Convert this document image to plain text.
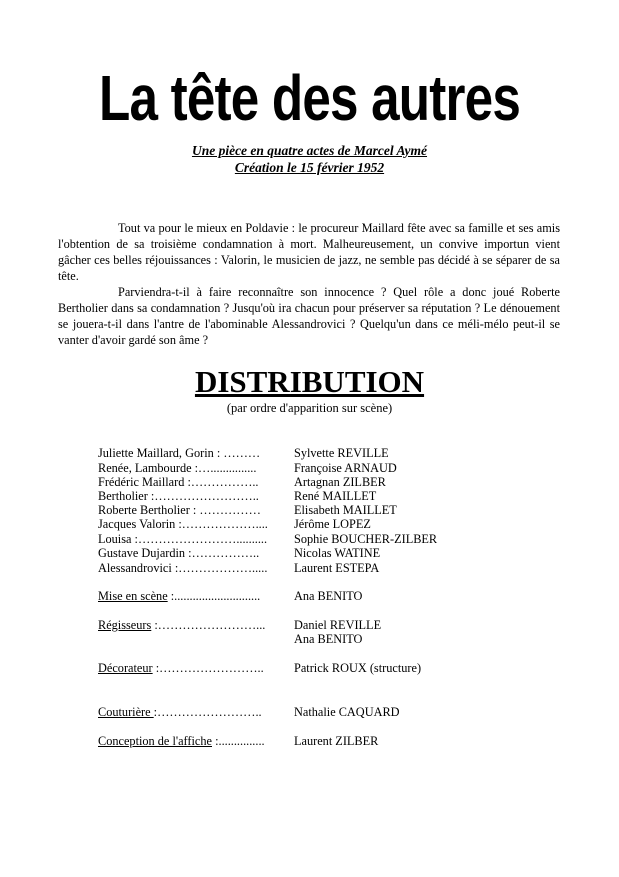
La tête des autres
Une pièce en quatre actes de Marcel Aymé
Création le 15 février 1952

Tout va pour le mieux en Poldavie : le procureur Maillard fête avec sa famille et ses amis l'obtention de sa troisième condamnation à mort. Malheureusement, un convive importun vient gâcher ces belles réjouissances : Valorin, le musicien de jazz, ne semble pas décidé à se séparer de sa tête.

Parviendra-t-il à faire reconnaître son innocence ? Quel rôle a donc joué Roberte Bertholier dans sa condamnation ? Jusqu'où ira chacun pour préserver sa réputation ? Le dénouement se jouera-t-il dans l'antre de l'abominable Alessandrovici ? Quelqu'un dans ce méli-mélo peut-il se vanter d'avoir gardé son âme ?

DISTRIBUTION
(par ordre d'apparition sur scène)
Juliette Maillard, Gorin : ………	Sylvette REVILLE
Renée, Lambourde :…...............	Françoise ARNAUD
Frédéric Maillard :……………..	Artagnan ZILBER
Bertholier :……………………..	René MAILLET
Roberte Bertholier : ……………	Elisabeth MAILLET
Jacques Valorin :……………….... Jérôme LOPEZ
Louisa :…………………….......... Sophie BOUCHER-ZILBER
Gustave Dujardin :……………..	Nicolas WATINE
Alessandrovici :………………..... Laurent ESTEPA
Mise en scène :............................	Ana BENITO
Régisseurs :……………………... Daniel REVILLE
Ana BENITO
Décorateur :…………………….. Patrick ROUX (structure)
Couturière :……………………..	Nathalie CAQUARD
Conception de l'affiche :............... Laurent ZILBER
